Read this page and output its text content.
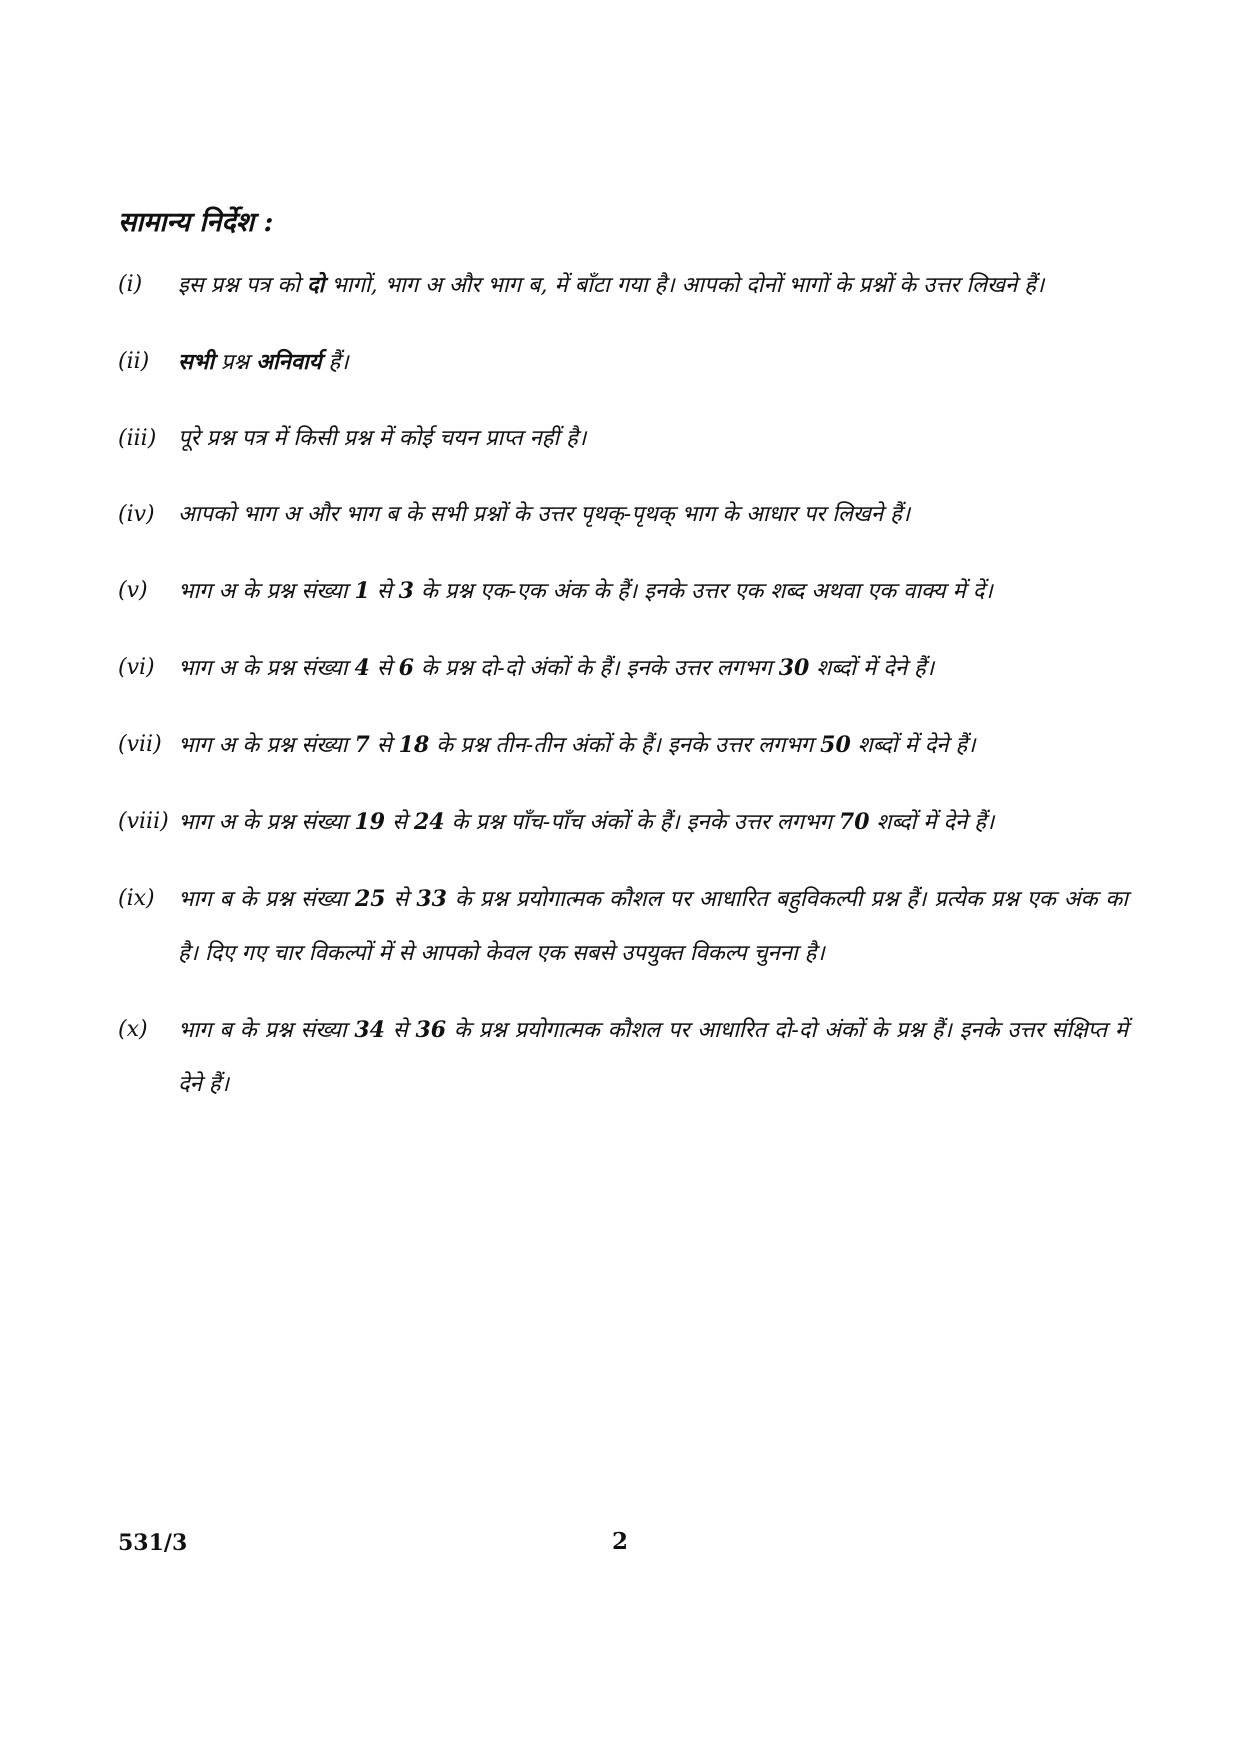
सामान्य निर्देश :
(i)	इस प्रश्न पत्र को दो भागों, भाग अ और भाग ब, में बाँटा गया है। आपको दोनों भागों के प्रश्नों के उत्तर लिखने हैं।

(ii)	सभी प्रश्न अनिवार्य हैं।

(iii) पूरे प्रश्न पत्र में किसी प्रश्न में कोई चयन प्राप्त नहीं है।

(iv)	आपको भाग अ और भाग ब के सभी प्रश्नों के उत्तर पृथक्-पृथक् भाग के आधार पर लिखने हैं।

(v)	भाग अ के प्रश्न संख्या 1 से 3 के प्रश्न एक-एक अंक के हैं। इनके उत्तर एक शब्द अथवा एक वाक्य में दें।

(vi)	भाग अ के प्रश्न संख्या 4 से 6 के प्रश्न दो-दो अंकों के हैं। इनके उत्तर लगभग 30 शब्दों में देने हैं।

(vii) भाग अ के प्रश्न संख्या 7 से 18 के प्रश्न तीन-तीन अंकों के हैं। इनके उत्तर लगभग 50 शब्दों में देने हैं।

(viii) भाग अ के प्रश्न संख्या 19 से 24 के प्रश्न पाँच-पाँच अंकों के हैं। इनके उत्तर लगभग 70 शब्दों में देने हैं।

(ix)	भाग ब के प्रश्न संख्या 25 से 33 के प्रश्न प्रयोगात्मक कौशल पर आधारित बहुविकल्पी प्रश्न हैं। प्रत्येक प्रश्न एक अंक का है। दिए गए चार विकल्पों में से आपको केवल एक सबसे उपयुक्त विकल्प चुनना है।

(x)	भाग ब के प्रश्न संख्या 34 से 36 के प्रश्न प्रयोगात्मक कौशल पर आधारित दो-दो अंकों के प्रश्न हैं। इनके उत्तर संक्षिप्त में देने हैं।

531/3	2
